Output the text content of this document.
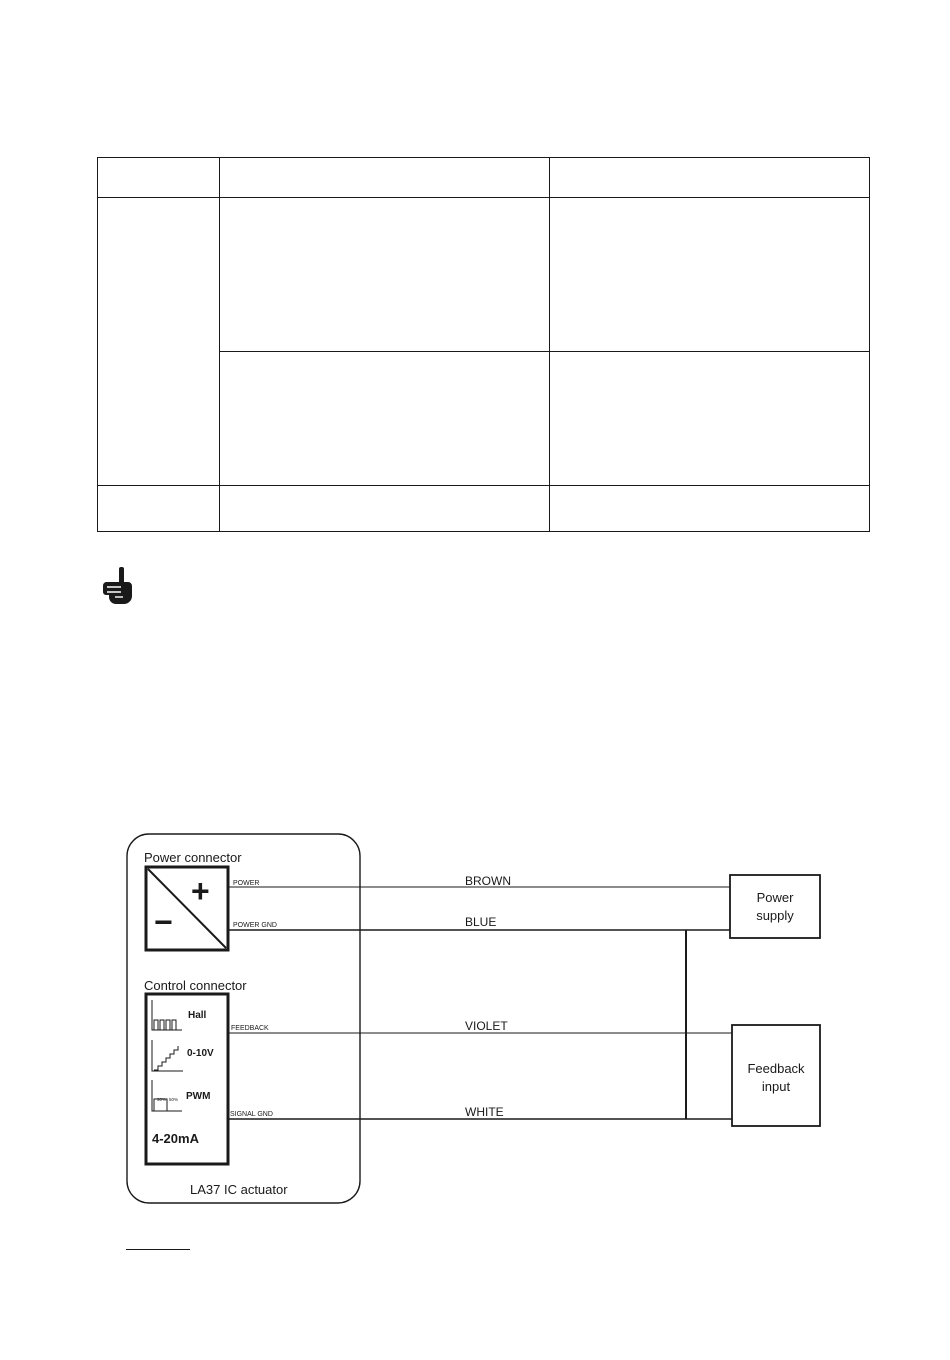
Power connector
+
−
Control connector
Hall
0-10V
50% 50% PWM
4-20mA
LA37 IC actuator
POWER
POWER GND
FEEDBACK
SIGNAL GND
BROWN
BLUE
VIOLET
WHITE
Power
supply
Feedback
input
